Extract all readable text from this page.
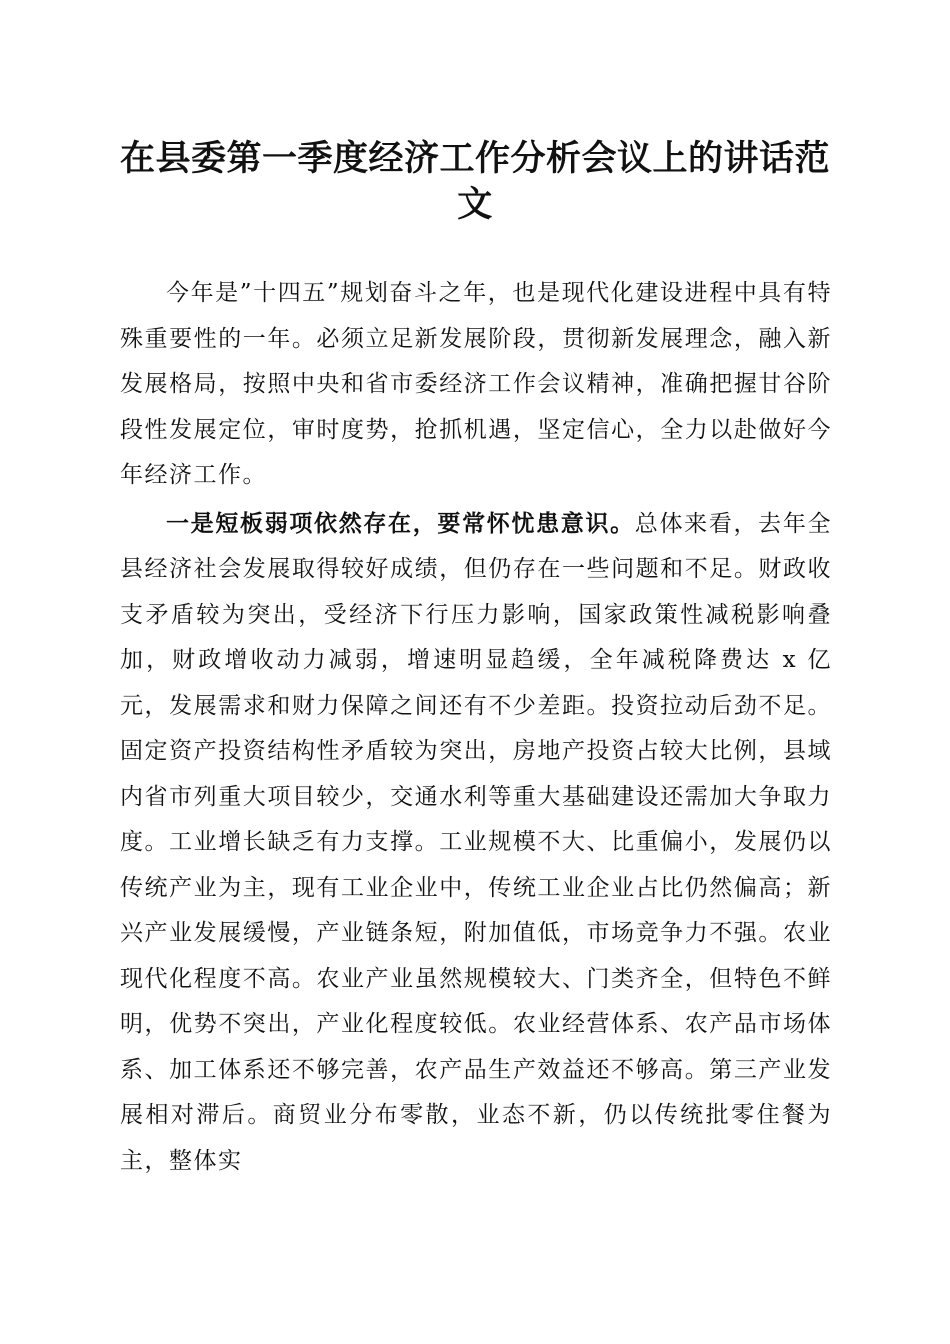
在县委第一季度经济工作分析会议上的讲话范文

今年是”十四五”规划奋斗之年，也是现代化建设进程中具有特殊重要性的一年。必须立足新发展阶段，贯彻新发展理念，融入新发展格局，按照中央和省市委经济工作会议精神，准确把握甘谷阶段性发展定位，审时度势，抢抓机遇，坚定信心，全力以赴做好今年经济工作。

一是短板弱项依然存在，要常怀忧患意识。总体来看，去年全县经济社会发展取得较好成绩，但仍存在一些问题和不足。财政收支矛盾较为突出，受经济下行压力影响，国家政策性减税影响叠加，财政增收动力减弱，增速明显趋缓，全年减税降费达 x 亿元，发展需求和财力保障之间还有不少差距。投资拉动后劲不足。固定资产投资结构性矛盾较为突出，房地产投资占较大比例，县域内省市列重大项目较少，交通水利等重大基础建设还需加大争取力度。工业增长缺乏有力支撑。工业规模不大、比重偏小，发展仍以传统产业为主，现有工业企业中，传统工业企业占比仍然偏高；新兴产业发展缓慢，产业链条短，附加值低，市场竞争力不强。农业现代化程度不高。农业产业虽然规模较大、门类齐全，但特色不鲜明，优势不突出，产业化程度较低。农业经营体系、农产品市场体系、加工体系还不够完善，农产品生产效益还不够高。第三产业发展相对滞后。商贸业分布零散，业态不新，仍以传统批零住餐为主，整体实
